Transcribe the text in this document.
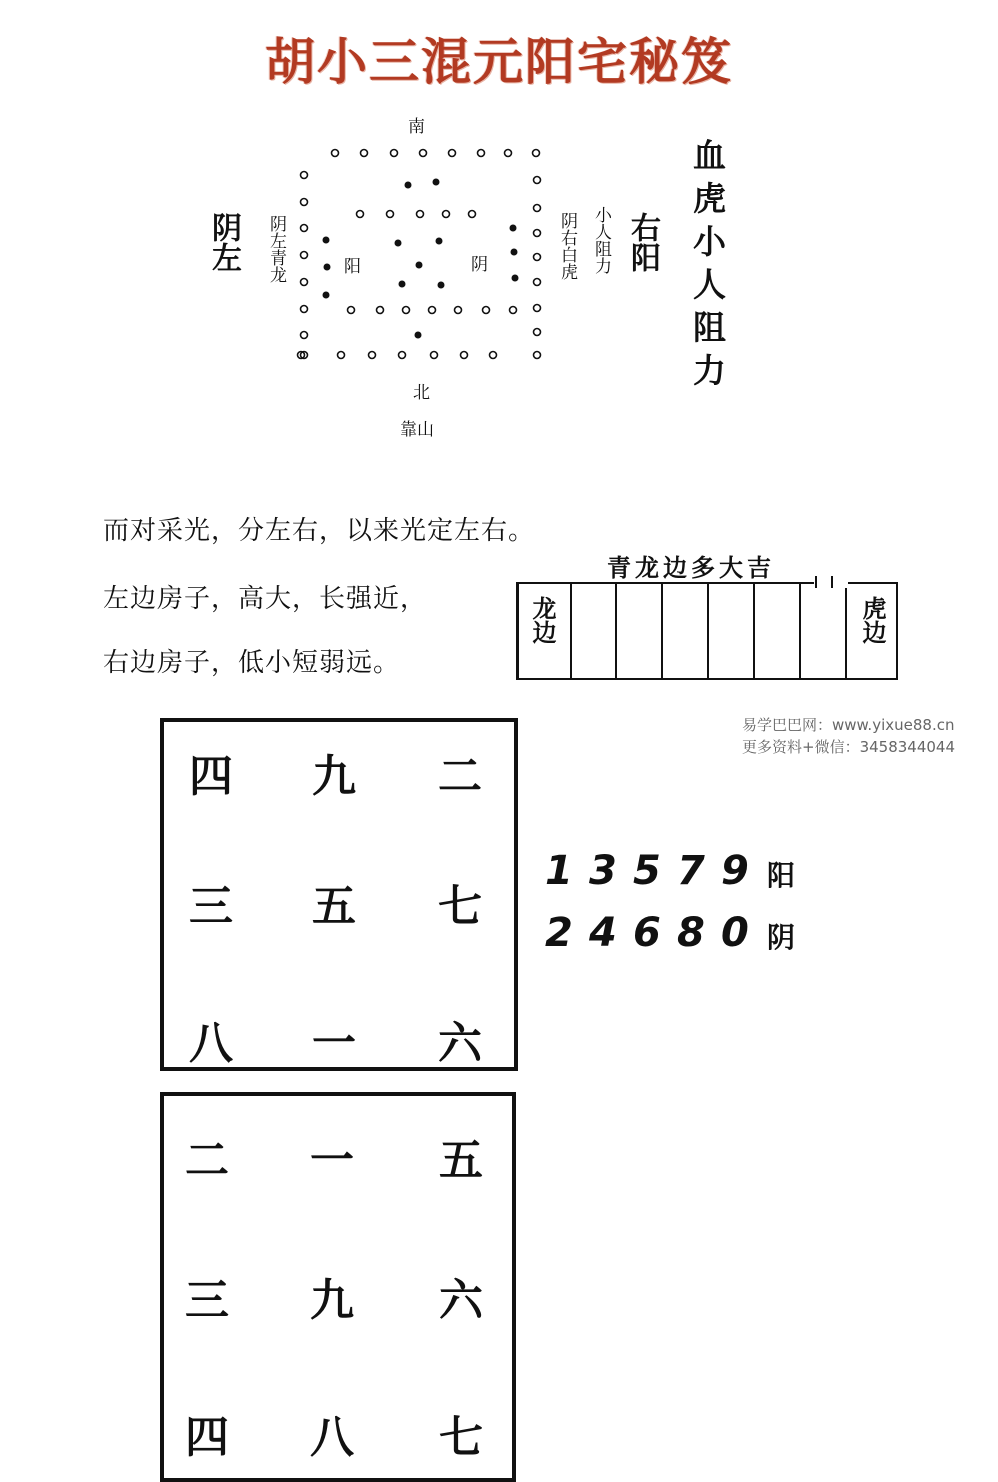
胡小三混元阳宅秘笈
南
北
靠山
阳	阴
阴左青龙	阴右白虎 小人阻力
阴左	右阳 血虎小人阻力
而对采光，分左右，以来光定左右。
左边房子，高大，长强近，
右边房子，低小短弱远。
青龙边多大吉
龙边	虎边
易学巴巴网：www.yixue88.cn
更多资料+微信：3458344044
四	九	二
三	五	七
八	一	六
1 3 5 7 9 阳
2 4 6 8 0 阴
二	一	五
三	九	六
四	八	七
